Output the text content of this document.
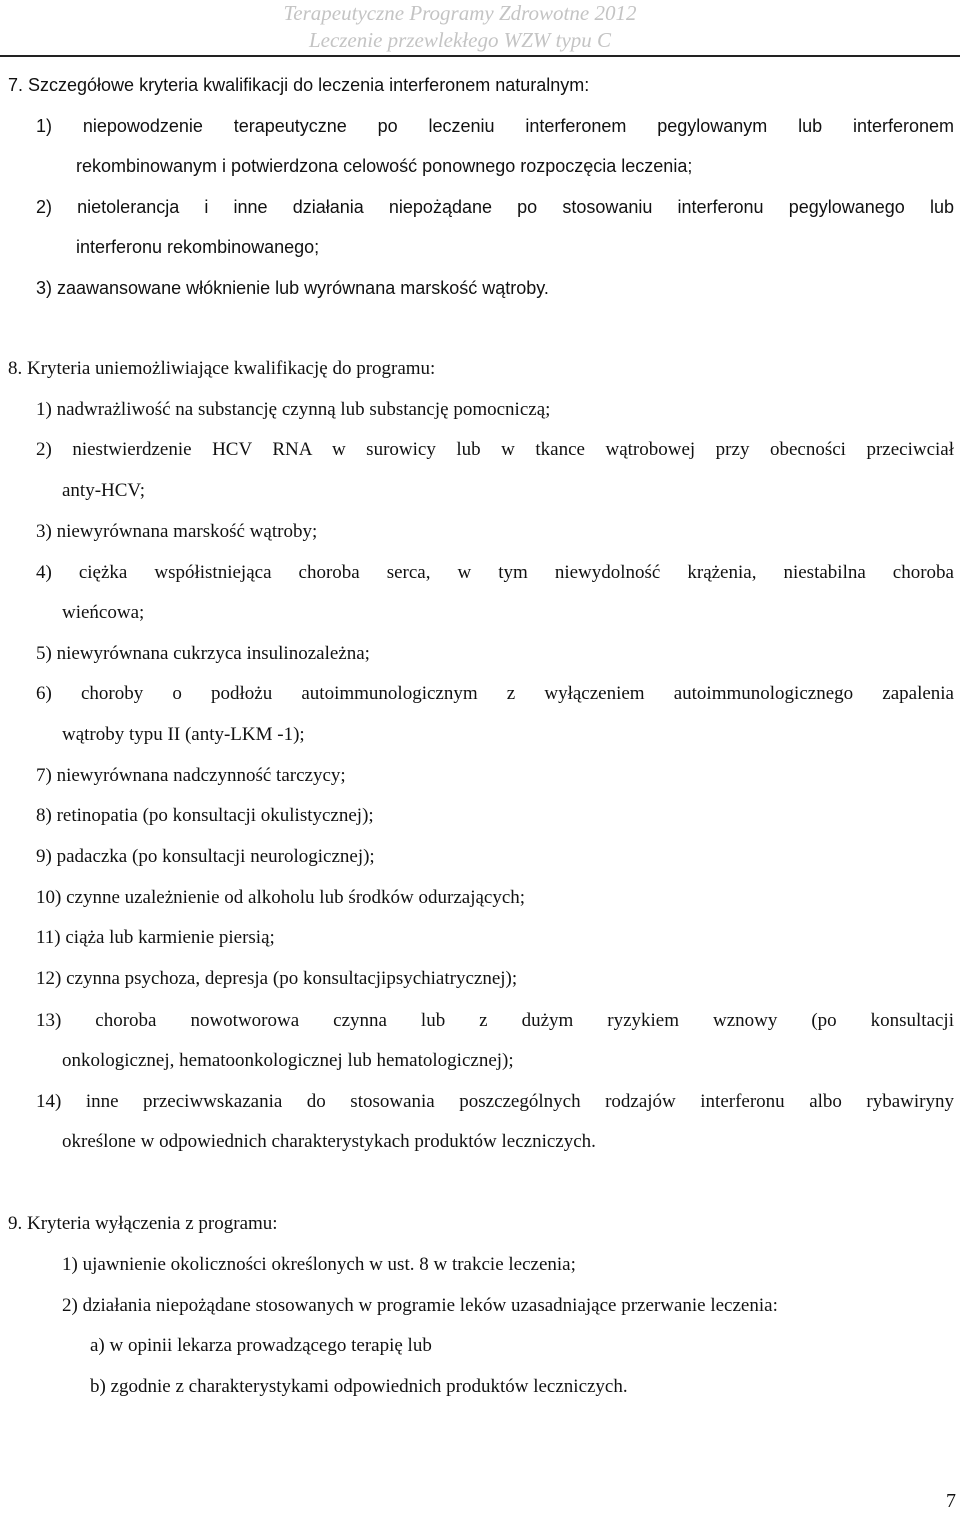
Terapeutyczne Programy Zdrowotne 2012
Leczenie przewlekłego WZW typu C
7. Szczegółowe kryteria kwalifikacji do leczenia interferonem naturalnym:
1) niepowodzenie terapeutyczne po leczeniu interferonem pegylowanym lub interferonem
rekombinowanym i potwierdzona celowość ponownego rozpoczęcia leczenia;
2) nietolerancja i inne działania niepożądane po stosowaniu interferonu pegylowanego lub
interferonu rekombinowanego;
3) zaawansowane włóknienie lub wyrównana marskość wątroby.
8. Kryteria uniemożliwiające kwalifikację do programu:
1) nadwrażliwość na substancję czynną lub substancję pomocniczą;
2) niestwierdzenie HCV RNA w surowicy lub w tkance wątrobowej przy obecności przeciwciał
anty-HCV;
3) niewyrównana marskość wątroby;
4) ciężka współistniejąca choroba serca, w tym niewydolność krążenia, niestabilna choroba
wieńcowa;
5) niewyrównana cukrzyca insulinozależna;
6) choroby o podłożu autoimmunologicznym z wyłączeniem autoimmunologicznego zapalenia
wątroby typu II (anty-LKM -1);
7) niewyrównana nadczynność tarczycy;
8) retinopatia (po konsultacji okulistycznej);
9) padaczka (po konsultacji neurologicznej);
10) czynne uzależnienie od alkoholu lub środków odurzających;
11) ciąża lub karmienie piersią;
12) czynna psychoza, depresja (po konsultacjipsychiatrycznej);
13) choroba nowotworowa czynna lub z dużym ryzykiem wznowy (po konsultacji
onkologicznej, hematoonkologicznej lub hematologicznej);
14) inne przeciwwskazania do stosowania poszczególnych rodzajów interferonu albo rybawiryny
określone w odpowiednich charakterystykach produktów leczniczych.
9. Kryteria wyłączenia z programu:
1) ujawnienie okoliczności określonych w ust. 8 w trakcie leczenia;
2) działania niepożądane stosowanych w programie leków uzasadniające przerwanie leczenia:
a) w opinii lekarza prowadzącego terapię lub
b) zgodnie z charakterystykami odpowiednich produktów leczniczych.
7
